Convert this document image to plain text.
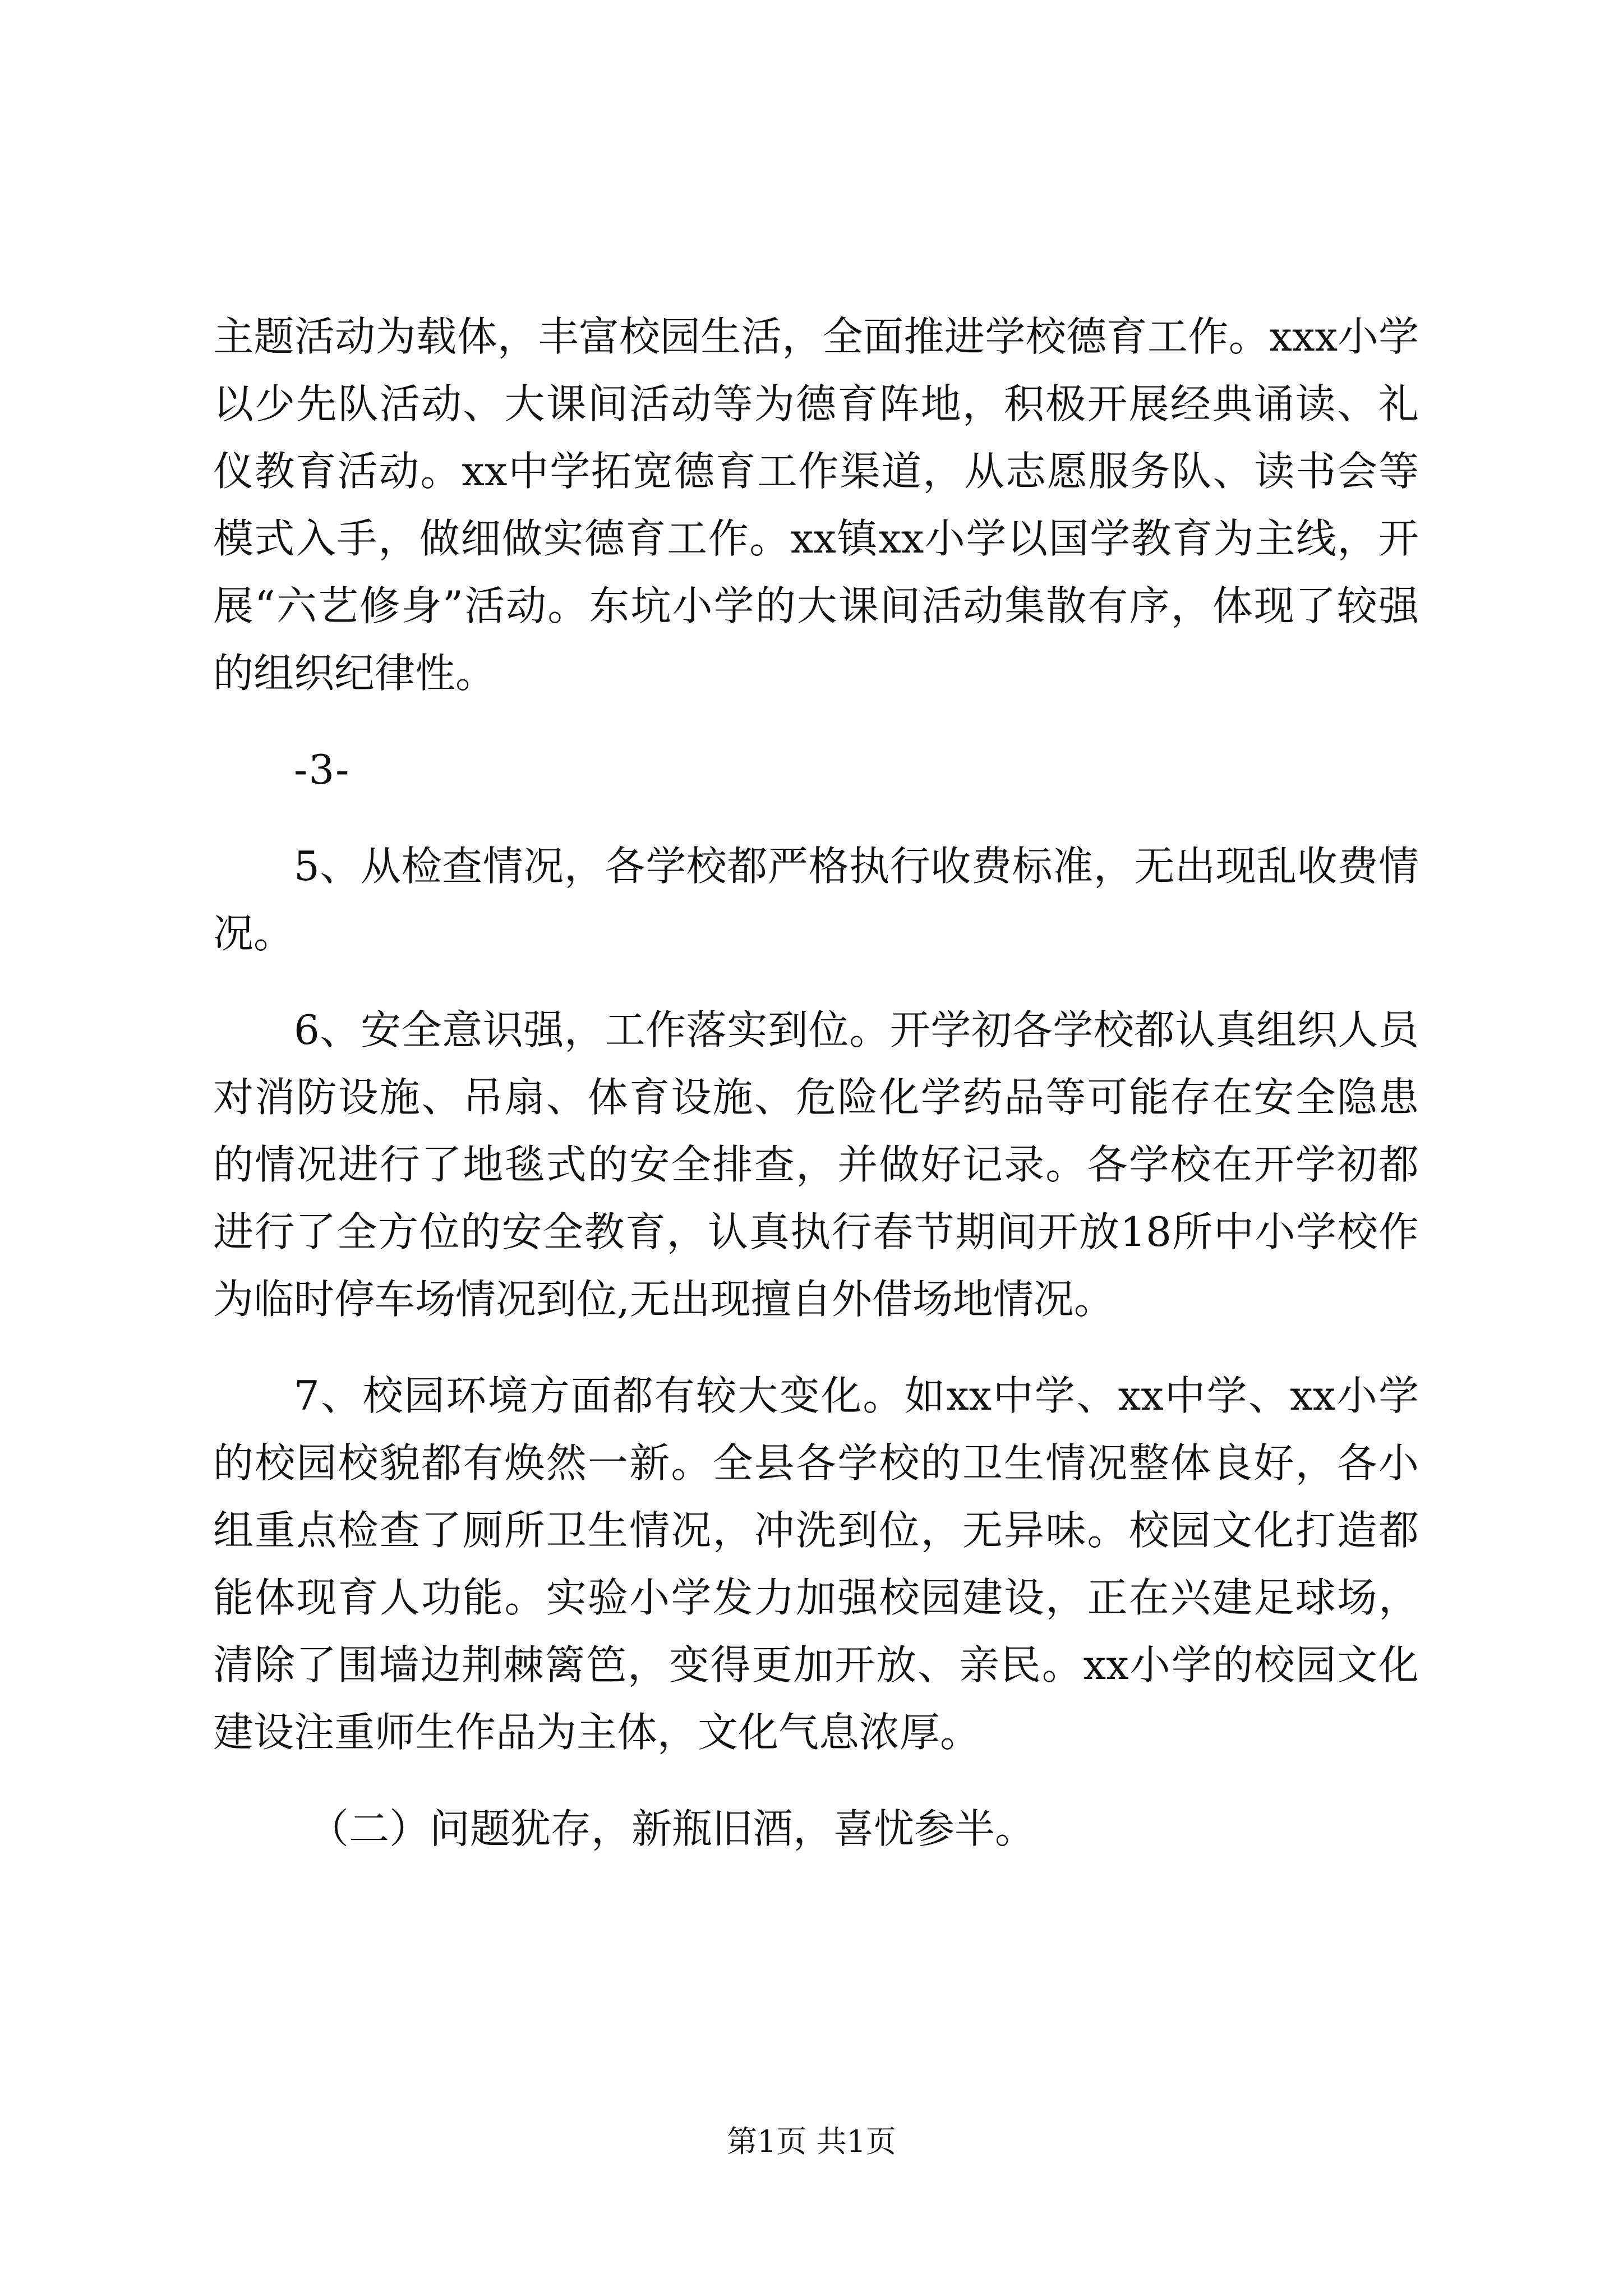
主题活动为载体，丰富校园生活，全面推进学校德育工作。xxx小学以少先队活动、大课间活动等为德育阵地，积极开展经典诵读、礼仪教育活动。xx中学拓宽德育工作渠道，从志愿服务队、读书会等模式入手，做细做实德育工作。xx镇xx小学以国学教育为主线，开展“六艺修身”活动。东坑小学的大课间活动集散有序，体现了较强的组织纪律性。

-3-

5、从检查情况，各学校都严格执行收费标准，无出现乱收费情况。

6、安全意识强，工作落实到位。开学初各学校都认真组织人员对消防设施、吊扇、体育设施、危险化学药品等可能存在安全隐患的情况进行了地毯式的安全排查，并做好记录。各学校在开学初都进行了全方位的安全教育，认真执行春节期间开放18所中小学校作为临时停车场情况到位,无出现擅自外借场地情况。

7、校园环境方面都有较大变化。如xx中学、xx中学、xx小学的校园校貌都有焕然一新。全县各学校的卫生情况整体良好，各小组重点检查了厕所卫生情况，冲洗到位，无异味。校园文化打造都能体现育人功能。实验小学发力加强校园建设，正在兴建足球场，清除了围墙边荆棘篱笆，变得更加开放、亲民。xx小学的校园文化建设注重师生作品为主体，文化气息浓厚。

（二）问题犹存，新瓶旧酒，喜忧参半。

第1页 共1页
